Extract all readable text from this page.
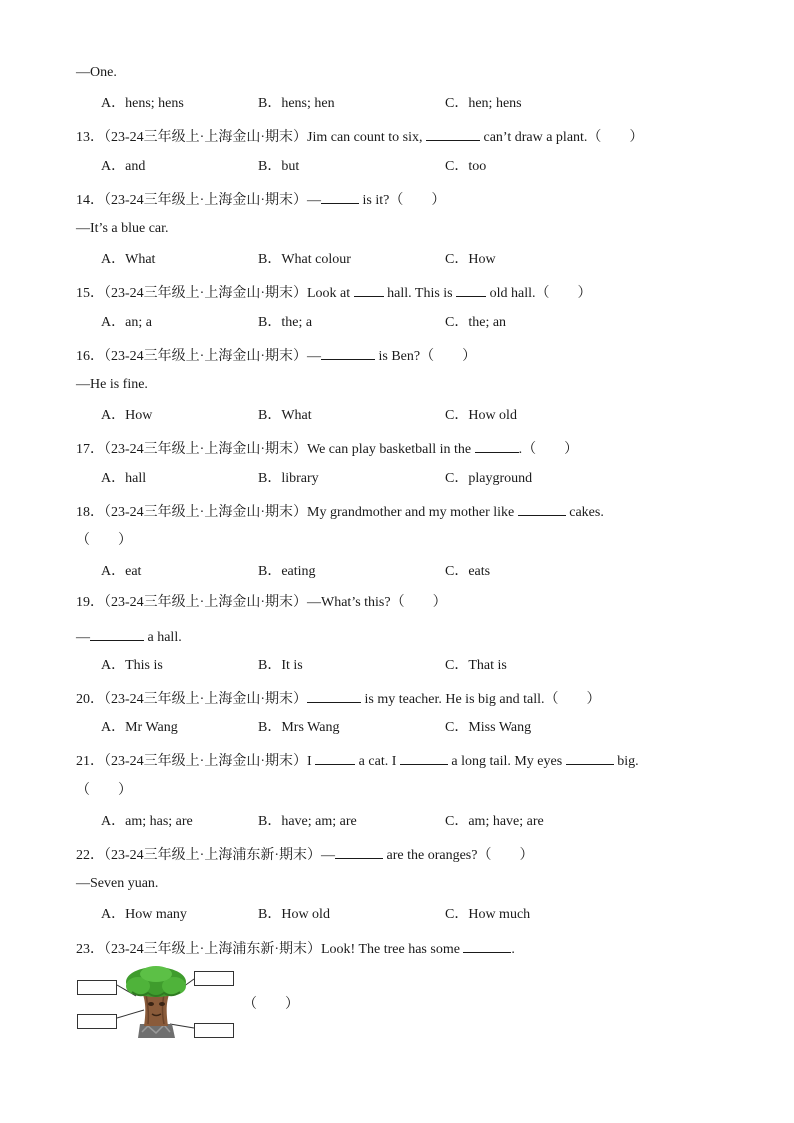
—One.
A．hens; hens	B．hens; hen	C．hen; hens
13．（23-24三年级上·上海金山·期末）Jim can count to six,	can’t draw a plant.（　　）
A．and	B．but	C．too
14．（23-24三年级上·上海金山·期末）—	is it?（　　）
—It’s a blue car.
A．What	B．What colour	C．How
15．（23-24三年级上·上海金山·期末）Look at  hall. This is  old hall.（　　）
A．an; a	B．the; a	C．the; an
16．（23-24三年级上·上海金山·期末）—	is Ben?（　　）
—He is fine.
A．How	B．What	C．How old
17．（23-24三年级上·上海金山·期末）We can play basketball in the	.（　　）
A．hall	B．library	C．playground
18．（23-24三年级上·上海金山·期末）My grandmother and my mother like	cakes.
（　　）
A．eat	B．eating	C．eats
19．（23-24三年级上·上海金山·期末）—What’s this?（　　）
—	a hall.
A．This is	B．It is	C．That is
20．（23-24三年级上·上海金山·期末）	is my teacher. He is big and tall.（　　）
A．Mr Wang	B．Mrs Wang	C．Miss Wang
21．（23-24三年级上·上海金山·期末）I	a cat. I	a long tail. My eyes	big.
（　　）
A．am; has; are	B．have; am; are	C．am; have; are
22．（23-24三年级上·上海浦东新·期末）—	are the oranges?（　　）
—Seven yuan.
A．How many	B．How old	C．How much
23．（23-24三年级上·上海浦东新·期末）Look! The tree has some	.
（　　）
